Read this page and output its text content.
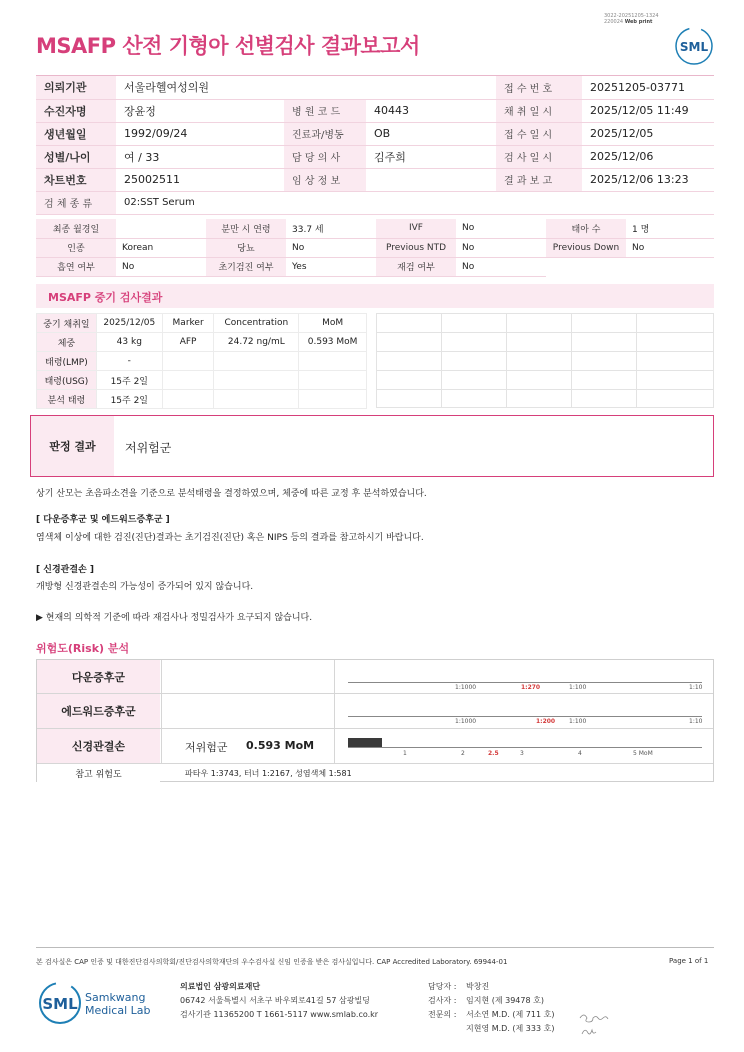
3022-20251205-1324
220024 Web print
MSAFP 산전 기형아 선별검사 결과보고서	SML
의뢰기관	서울라헬여성의원			접 수 번 호	20251205-03771
수진자명	장윤정	병 원 코 드	40443	채 취 일 시	2025/12/05 11:49
생년월일	1992/09/24	진료과/병동	OB	접 수 일 시	2025/12/05
성별/나이	여 / 33	담 당 의 사	김주희	검 사 일 시	2025/12/06
차트번호	25002511	임 상 정 보		결 과 보 고	2025/12/06 13:23
검 체 종 류	02:SST Serum				
최종 월경일		분만 시 연령	33.7 세	IVF	No	태아 수	1 명
인종	Korean	당뇨	No	Previous NTD	No	Previous Down	No
흡연 여부	No	초기검진 여부	Yes	재검 여부	No		
MSAFP 중기 검사결과
중기 채취일	2025/12/05	Marker	Concentration	MoM
체중	43 kg	AFP	24.72 ng/mL	0.593 MoM
태령(LMP)	-			
태령(USG)	15주 2일			
분석 태령	15주 2일			
판정 결과	저위험군
상기 산모는 초음파소견을 기준으로 분석태령을 결정하였으며, 체중에 따른 교정 후 분석하였습니다.
[ 다운증후군 및 에드워드증후군 ]
염색체 이상에 대한 검진(진단)결과는 초기검진(진단) 혹은 NIPS 등의 결과를 참고하시기 바랍니다.
[ 신경관결손 ]
개방형 신경관결손의 가능성이 증가되어 있지 않습니다.
▶ 현재의 의학적 기준에 따라 재검사나 정밀검사가 요구되지 않습니다.
위험도(Risk) 분석
다운증후군
1:1000	1:270	1:100	1:10
에드워드증후군
1:1000	1:200 1:100	1:10
신경관결손	저위험군 0.593 MoM
1	2	2.5	3	4	5 MoM
참고 위험도	파타우 1:3743, 터너 1:2167, 성염색체 1:581
본 검사실은 CAP 인증 및 대한진단검사의학회/진단검사의학재단의 우수검사실 신임 인증을 받은 검사실입니다. CAP Accredited Laboratory. 69944-01	Page 1 of 1
SML Samkwang
Medical Lab
의료법인 삼광의료재단
06742 서울특별시 서초구 바우뫼로41길 57 삼광빌딩
검사기관 11365200 T 1661-5117 www.smlab.co.kr
담당자 : 박창진
검사자 : 임지현 (제 39478 호)
전문의 : 서소연 M.D. (제 711 호)
지현영 M.D. (제 333 호)
